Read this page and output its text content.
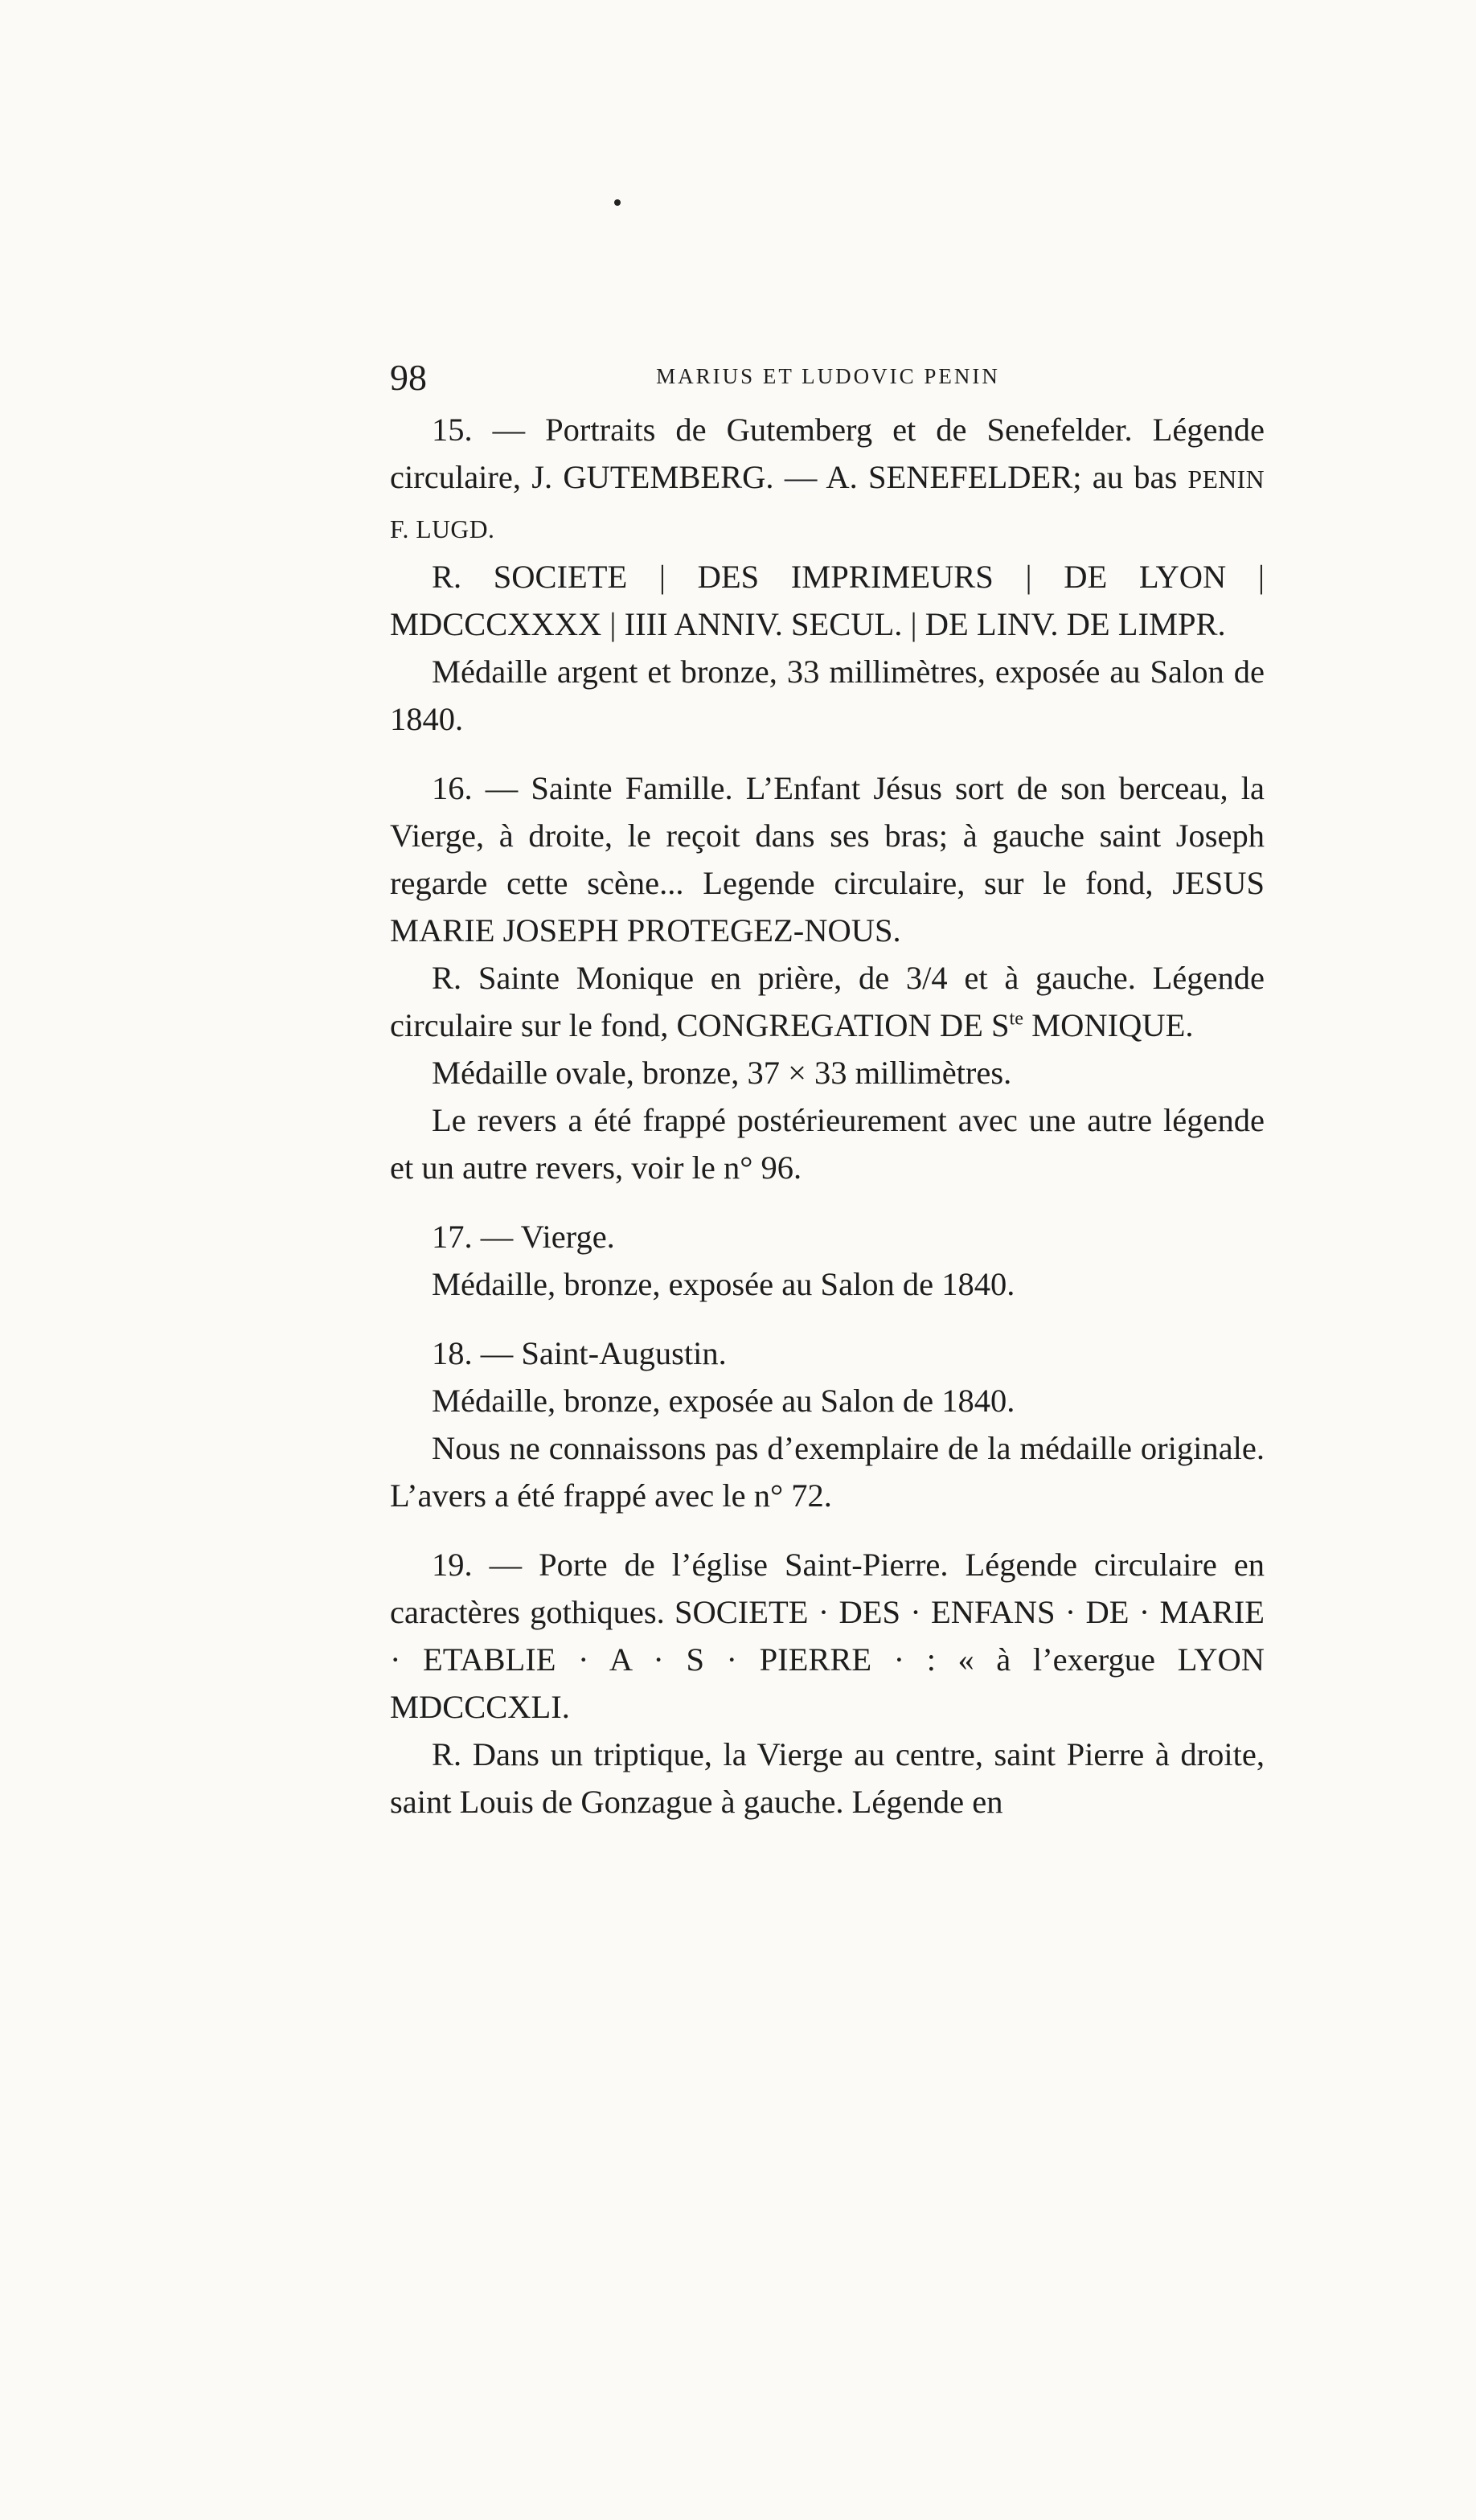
98	MARIUS ET LUDOVIC PENIN

15. — Portraits de Gutemberg et de Senefelder. Légende circulaire, J. GUTEMBERG. — A. SENEFELDER; au bas PENIN F. LUGD.

R. SOCIETE | DES IMPRIMEURS | DE LYON | MDCCCXXXX | IIII ANNIV. SECUL. | DE LINV. DE LIMPR.

Médaille argent et bronze, 33 millimètres, exposée au Salon de 1840.

16. — Sainte Famille. L’Enfant Jésus sort de son berceau, la Vierge, à droite, le reçoit dans ses bras; à gauche saint Joseph regarde cette scène... Legende circulaire, sur le fond, JESUS MARIE JOSEPH PROTEGEZ-NOUS.

R. Sainte Monique en prière, de 3/4 et à gauche. Légende circulaire sur le fond, CONGREGATION DE $S^{te}$ MONIQUE.

Médaille ovale, bronze, 37 × 33 millimètres.

Le revers a été frappé postérieurement avec une autre légende et un autre revers, voir le n° 96.

17. — Vierge.

Médaille, bronze, exposée au Salon de 1840.

18. — Saint-Augustin.

Médaille, bronze, exposée au Salon de 1840.

Nous ne connaissons pas d’exemplaire de la médaille originale. L’avers a été frappé avec le n° 72.

19. — Porte de l’église Saint-Pierre. Légende circulaire en caractères gothiques. SOCIETE · DES · ENFANS · DE · MARIE · ETABLIE · A · S · PIERRE · : « à l’exergue LYON MDCCCXLI.

R. Dans un triptique, la Vierge au centre, saint Pierre à droite, saint Louis de Gonzague à gauche. Légende en
